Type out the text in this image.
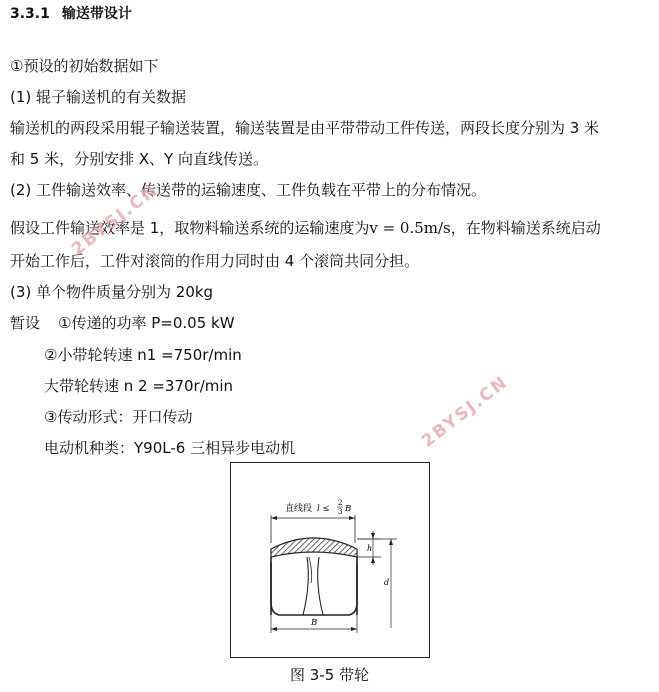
3.3.1 输送带设计
①预设的初始数据如下
(1) 辊子输送机的有关数据
输送机的两段采用辊子输送装置，输送装置是由平带带动工件传送，两段长度分别为 3 米
和 5 米，分别安排 X、Y 向直线传送。
(2) 工件输送效率、传送带的运输速度、工件负载在平带上的分布情况。
假设工件输送效率是 1，取物料输送系统的运输速度为v = 0.5m/s，在物料输送系统启动
开始工作后，工件对滚筒的作用力同时由 4 个滚筒共同分担。
(3) 单个物件质量分别为 20kg
暂设 ①传递的功率 P=0.05 kW
②小带轮转速 n1 =750r/min
大带轮转速 n 2 =370r/min
③传动形式：开口传动
电动机种类：Y90L-6 三相异步电动机
2BYSJ.CN
2BYSJ.CN
直线段 l ≤
2
3 B
h
d
B
图 3-5 带轮
